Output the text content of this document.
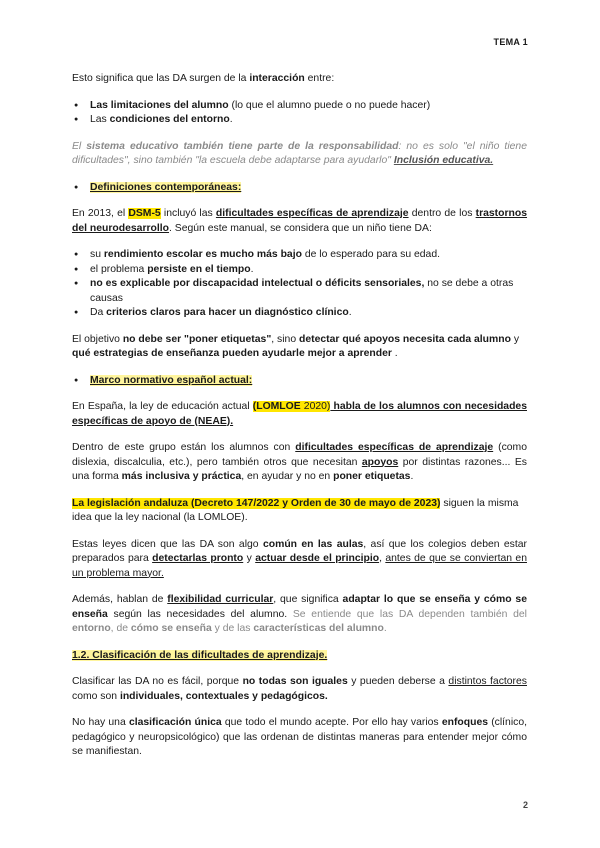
TEMA 1

Esto significa que las DA surgen de la interacción entre:

● Las limitaciones del alumno (lo que el alumno puede o no puede hacer)
● Las condiciones del entorno.

El sistema educativo también tiene parte de la responsabilidad: no es solo "el niño tiene dificultades", sino también "la escuela debe adaptarse para ayudarlo" Inclusión educativa.

● Definiciones contemporáneas:

En 2013, el DSM-5 incluyó las dificultades específicas de aprendizaje dentro de los trastornos del neurodesarrollo. Según este manual, se considera que un niño tiene DA:

● su rendimiento escolar es mucho más bajo de lo esperado para su edad.
● el problema persiste en el tiempo.
● no es explicable por discapacidad intelectual o déficits sensoriales, no se debe a otras causas
● Da criterios claros para hacer un diagnóstico clínico.

El objetivo no debe ser "poner etiquetas", sino detectar qué apoyos necesita cada alumno y qué estrategias de enseñanza pueden ayudarle mejor a aprender .

● Marco normativo español actual:

En España, la ley de educación actual (LOMLOE 2020) habla de los alumnos con necesidades específicas de apoyo de (NEAE).

Dentro de este grupo están los alumnos con dificultades específicas de aprendizaje (como dislexia, discalculia, etc.), pero también otros que necesitan apoyos por distintas razones... Es una forma más inclusiva y práctica, en ayudar y no en poner etiquetas.

La legislación andaluza (Decreto 147/2022 y Orden de 30 de mayo de 2023) siguen la misma idea que la ley nacional (la LOMLOE).

Estas leyes dicen que las DA son algo común en las aulas, así que los colegios deben estar preparados para detectarlas pronto y actuar desde el principio, antes de que se conviertan en un problema mayor.

Además, hablan de flexibilidad curricular, que significa adaptar lo que se enseña y cómo se enseña según las necesidades del alumno. Se entiende que las DA dependen también del entorno, de cómo se enseña y de las características del alumno.

1.2. Clasificación de las dificultades de aprendizaje.

Clasificar las DA no es fácil, porque no todas son iguales y pueden deberse a distintos factores como son individuales, contextuales y pedagógicos.

No hay una clasificación única que todo el mundo acepte. Por ello hay varios enfoques (clínico, pedagógico y neuropsicológico) que las ordenan de distintas maneras para entender mejor cómo se manifiestan.

2
